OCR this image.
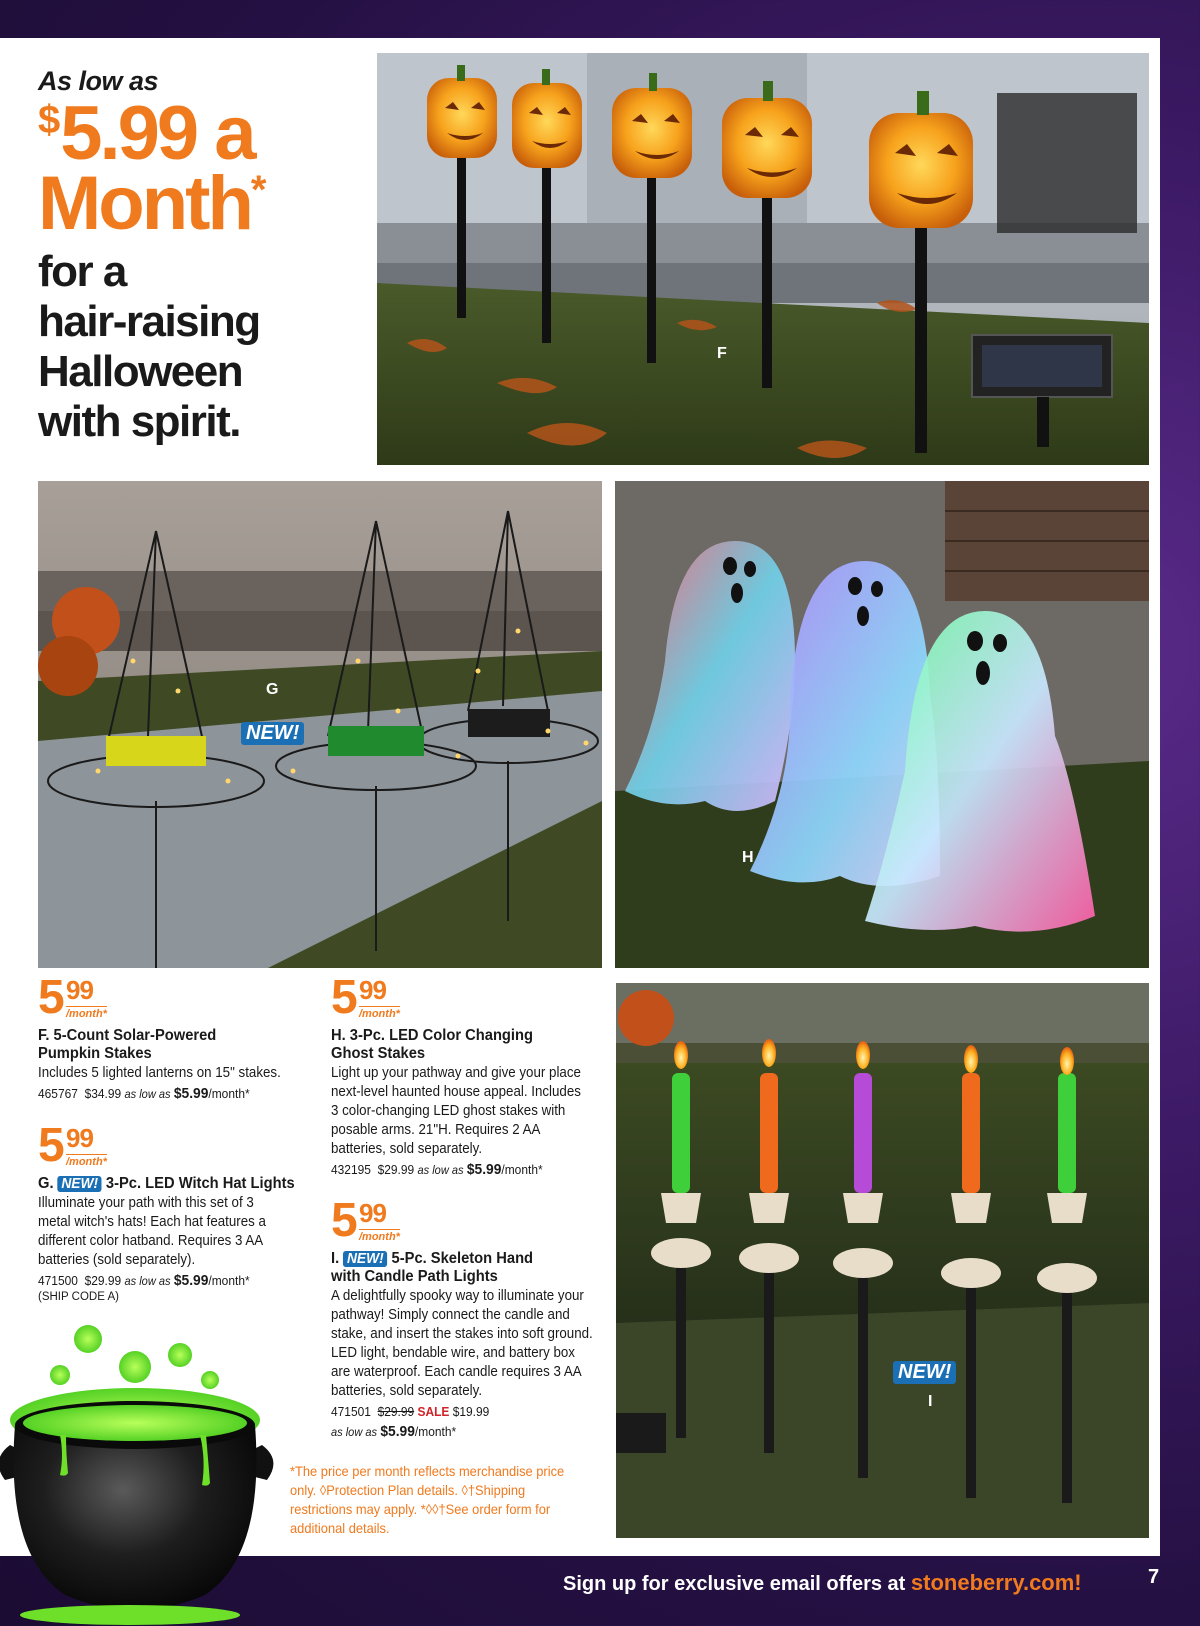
As low as
$5.99 a
Month*
for a
hair-raising
Halloween
with spirit.
F
G
NEW!
H
NEW!
I
5 99
/month*
F. 5-Count Solar-Powered Pumpkin Stakes
Includes 5 lighted lanterns on 15" stakes.
465767 $34.99 as low as $5.99/month*
5 99
/month*
G. NEW! 3-Pc. LED Witch Hat Lights
Illuminate your path with this set of 3 metal witch's hats! Each hat features a different color hatband. Requires 3 AA batteries (sold separately).
471500 $29.99 as low as $5.99/month*
(SHIP CODE A)
5 99
/month*
H. 3-Pc. LED Color Changing Ghost Stakes
Light up your pathway and give your place next-level haunted house appeal. Includes 3 color-changing LED ghost stakes with posable arms. 21"H. Requires 2 AA batteries, sold separately.
432195 $29.99 as low as $5.99/month*
5 99
/month*
I. NEW! 5-Pc. Skeleton Hand with Candle Path Lights
A delightfully spooky way to illuminate your pathway! Simply connect the candle and stake, and insert the stakes into soft ground. LED light, bendable wire, and battery box are waterproof. Each candle requires 3 AA batteries, sold separately.
471501 $29.99 SALE $19.99
as low as $5.99/month*
*The price per month reflects merchandise price only. ◊Protection Plan details. ◊†Shipping restrictions may apply. *◊◊†See order form for additional details.
Sign up for exclusive email offers at stoneberry.com!	7
